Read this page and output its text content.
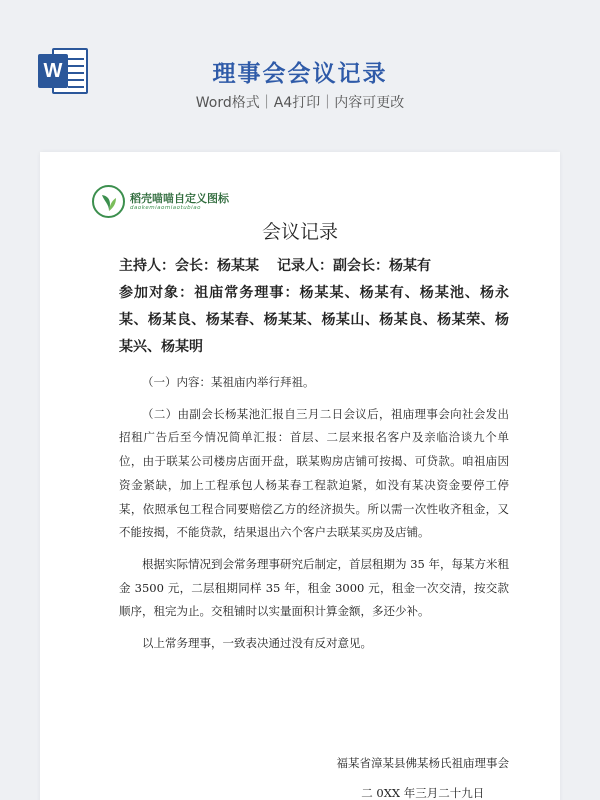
W	理事会会议记录
Word格式｜A4打印｜内容可更改
稻壳喵喵自定义图标
daokemiaomiaotubiao
会议记录
主持人：会长：杨某某 记录人：副会长：杨某有
参加对象：祖庙常务理事：杨某某、杨某有、杨某池、杨永某、杨某良、杨某春、杨某某、杨某山、杨某良、杨某荣、杨某兴、杨某明

（一）内容：某祖庙内举行拜祖。

（二）由副会长杨某池汇报自三月二日会议后，祖庙理事会向社会发出招租广告后至今情况简单汇报：首层、二层来报名客户及亲临洽谈九个单位，由于联某公司楼房店面开盘，联某购房店铺可按揭、可贷款。咱祖庙因资金紧缺，加上工程承包人杨某春工程款迫紧，如没有某决资金要停工停某，依照承包工程合同要赔偿乙方的经济损失。所以需一次性收齐租金，又不能按揭，不能贷款，结果退出六个客户去联某买房及店铺。

根据实际情况到会常务理事研究后制定，首层租期为 35 年，每某方米租金 3500 元，二层租期同样 35 年，租金 3000 元，租金一次交清，按交款顺序，租完为止。交租铺时以实量面积计算金额，多还少补。

以上常务理事，一致表决通过没有反对意见。

福某省漳某县佛某杨氏祖庙理事会
二 0XX 年三月二十九日
